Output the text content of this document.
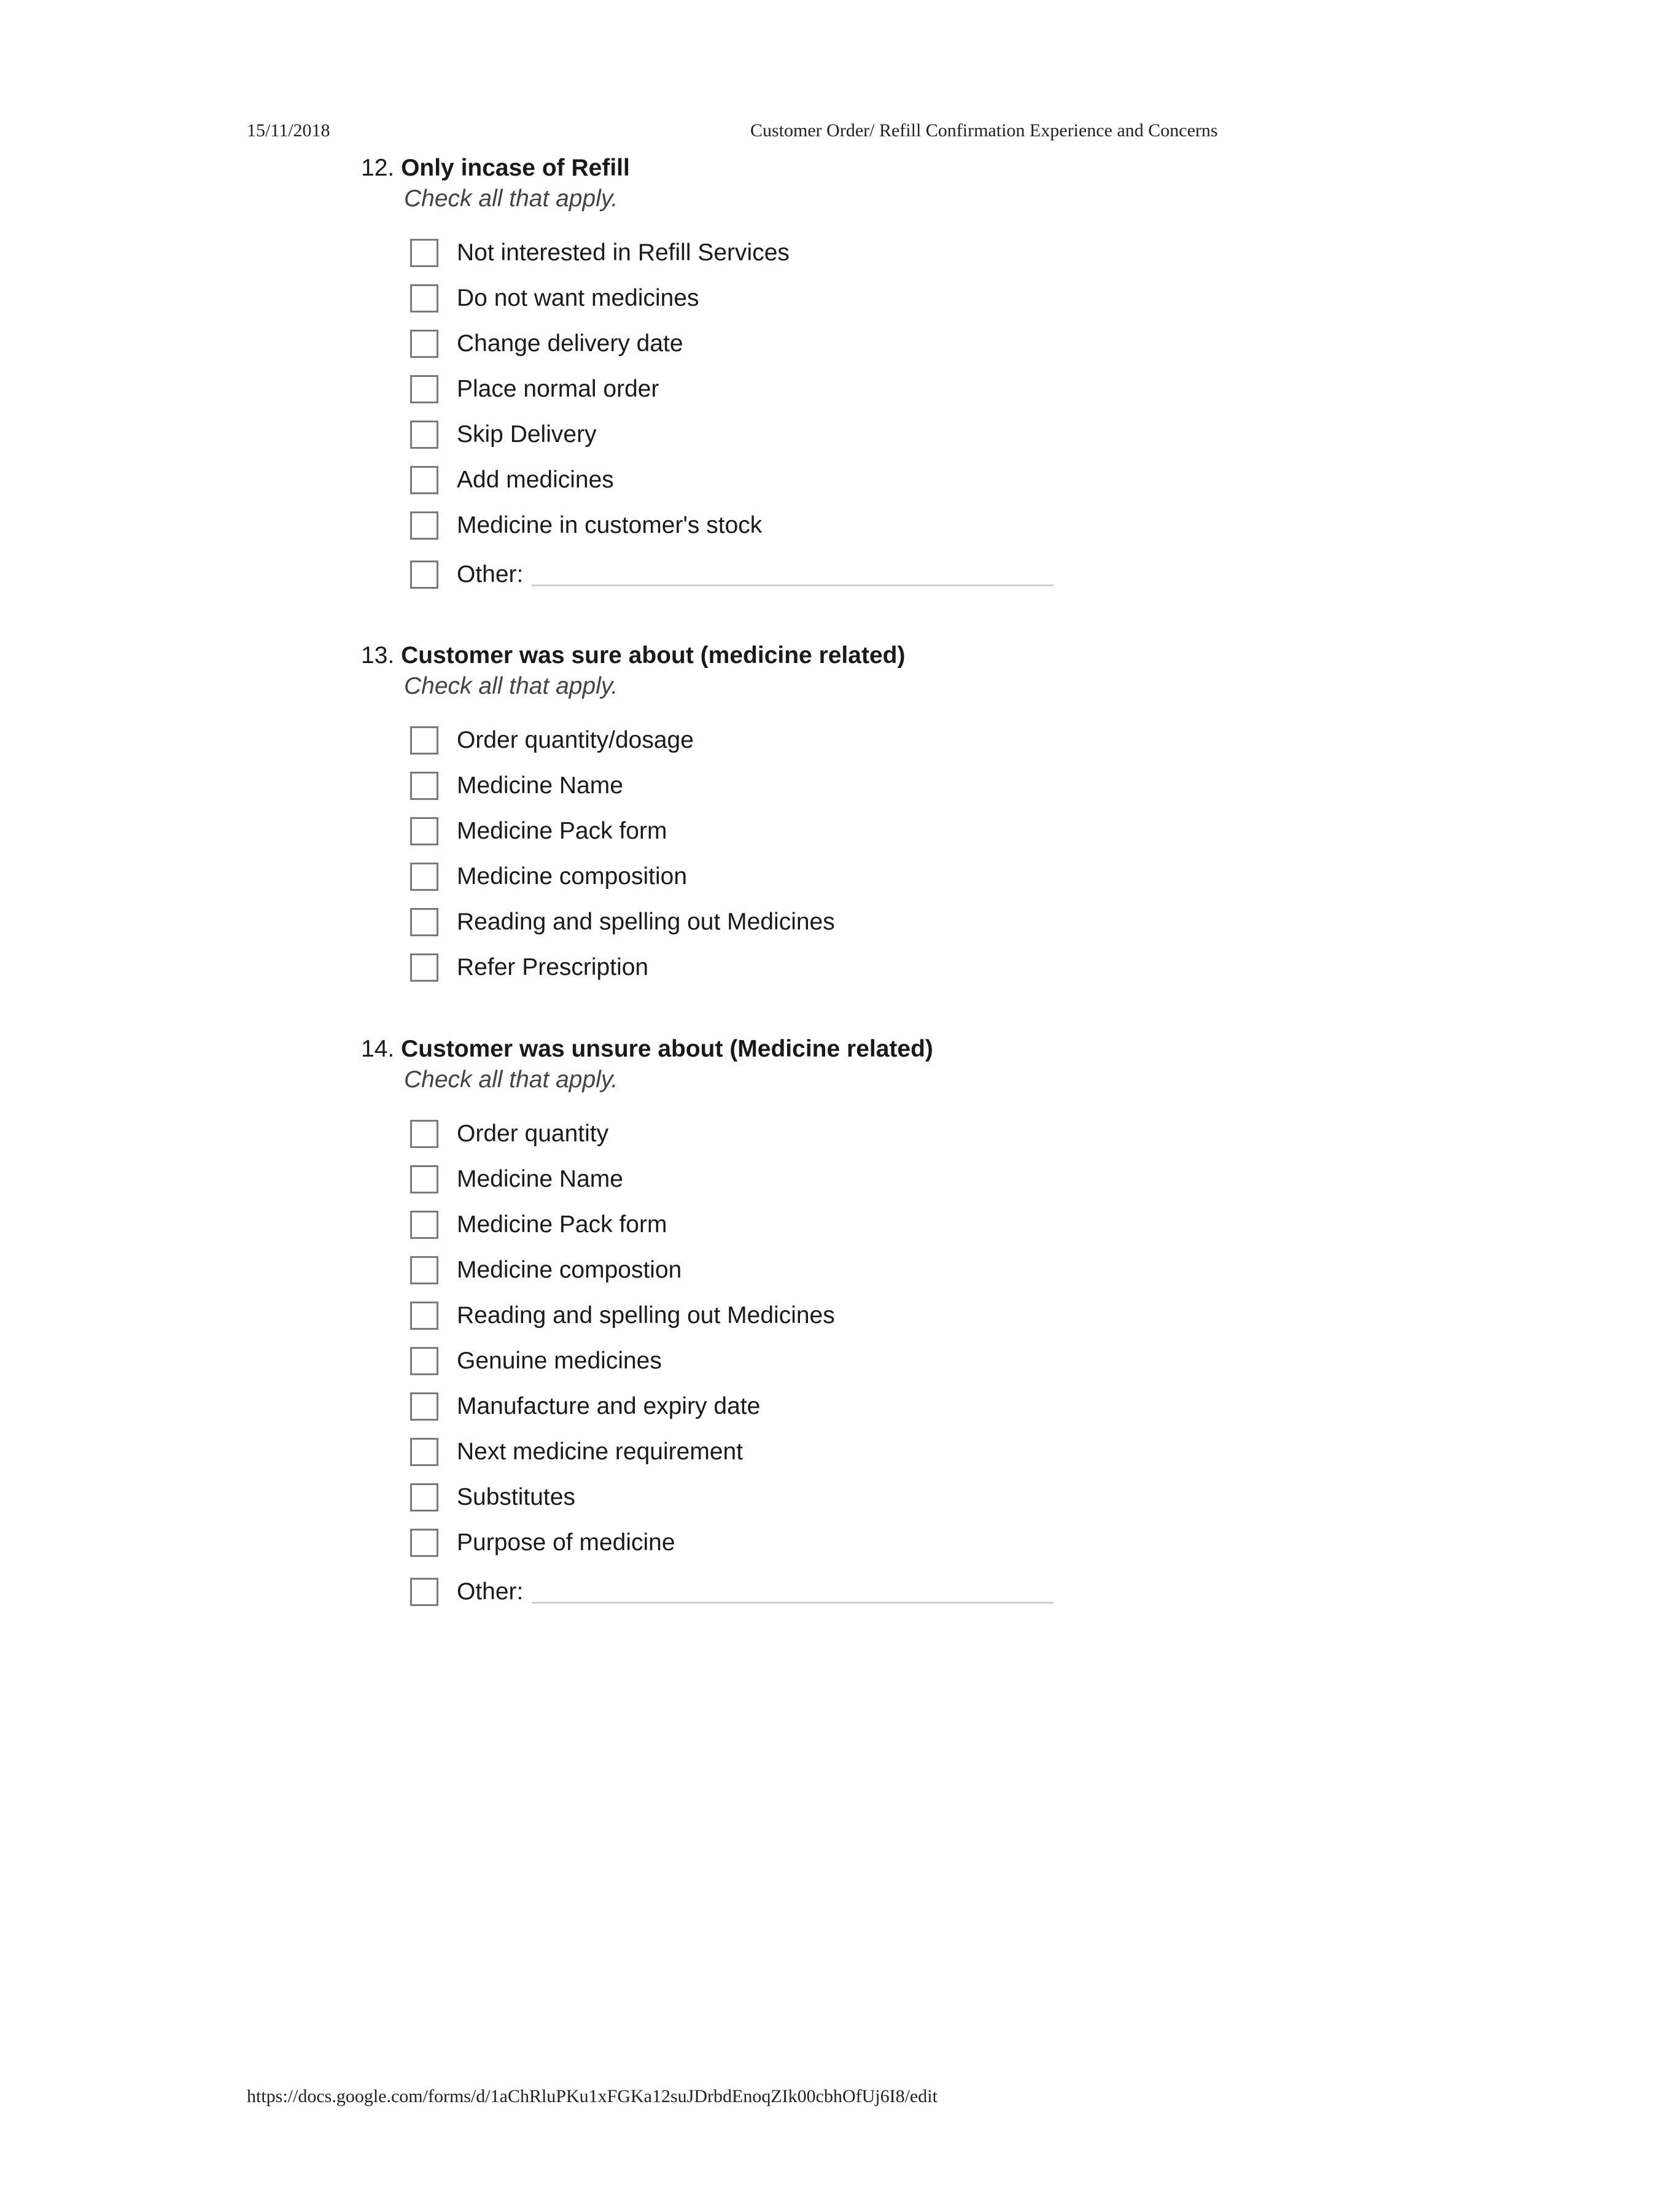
15/11/2018	Customer Order/ Refill Confirmation Experience and Concerns
12. Only incase of Refill
Check all that apply.
Not interested in Refill Services
Do not want medicines
Change delivery date
Place normal order
Skip Delivery
Add medicines
Medicine in customer's stock
Other:
13. Customer was sure about (medicine related)
Check all that apply.
Order quantity/dosage
Medicine Name
Medicine Pack form
Medicine composition
Reading and spelling out Medicines
Refer Prescription
14. Customer was unsure about (Medicine related)
Check all that apply.
Order quantity
Medicine Name
Medicine Pack form
Medicine compostion
Reading and spelling out Medicines
Genuine medicines
Manufacture and expiry date
Next medicine requirement
Substitutes
Purpose of medicine
Other:
https://docs.google.com/forms/d/1aChRluPKu1xFGKa12suJDrbdEnoqZIk00cbhOfUj6I8/edit
